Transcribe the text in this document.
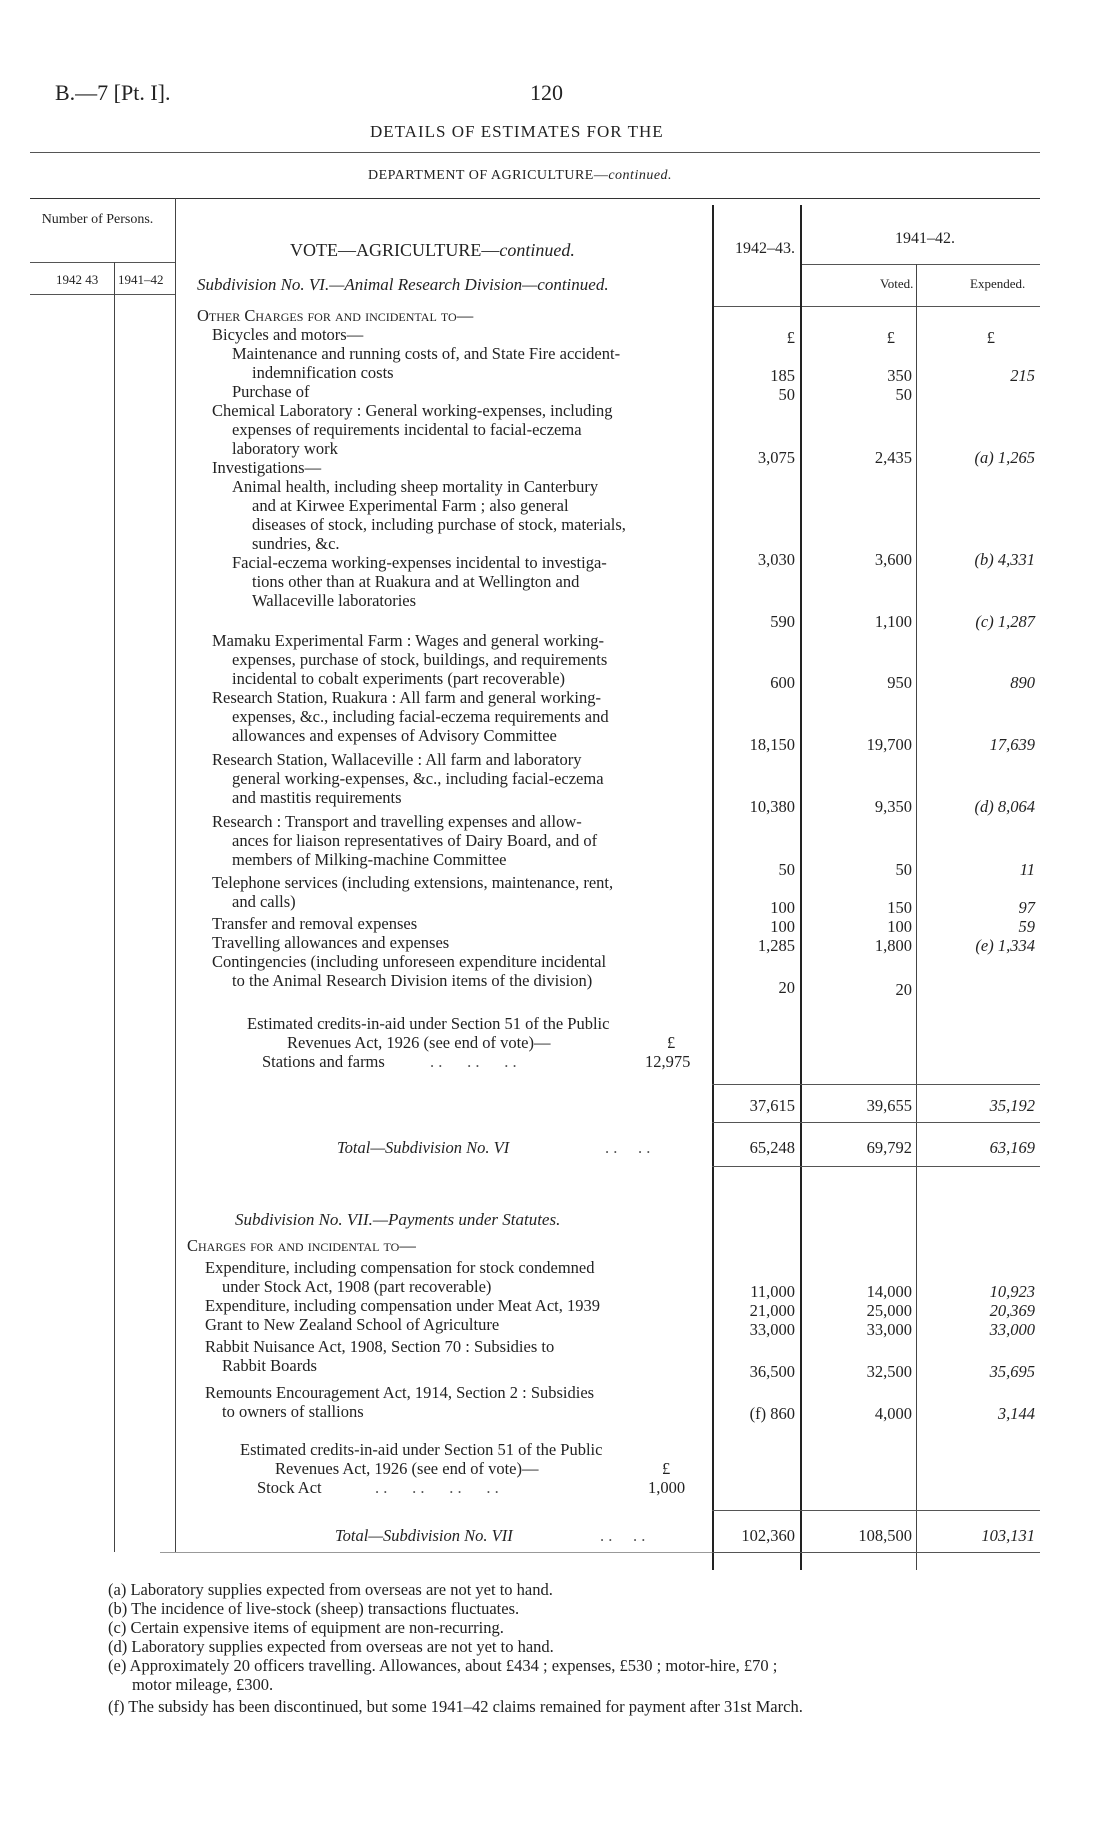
B.—7 [Pt. I].	120
DETAILS OF ESTIMATES FOR THE
DEPARTMENT OF AGRICULTURE—continued.
Number of Persons.
1942 43 1941–42
VOTE—AGRICULTURE—continued.	1942–43.
1941–42.
Voted.	Expended.
Subdivision No. VI.—Animal Research Division—continued.
Other Charges for and incidental to—
£	£	£
Bicycles and motors—
Maintenance and running costs of, and State Fire accident-
indemnification costs
Purchase of
185	350	215
50	50
Chemical Laboratory : General working-expenses, including
expenses of requirements incidental to facial-eczema
laboratory work	3,075	2,435	(a) 1,265
Investigations—
Animal health, including sheep mortality in Canterbury
and at Kirwee Experimental Farm ; also general
diseases of stock, including purchase of stock, materials,
sundries, &c.
3,030	3,600	(b) 4,331
Facial-eczema working-expenses incidental to investiga-
tions other than at Ruakura and at Wellington and
Wallaceville laboratories
590	1,100	(c) 1,287
Mamaku Experimental Farm : Wages and general working-
expenses, purchase of stock, buildings, and requirements
incidental to cobalt experiments (part recoverable)	600	950	890
Research Station, Ruakura : All farm and general working-
expenses, &c., including facial-eczema requirements and
allowances and expenses of Advisory Committee	18,150	19,700	17,639
Research Station, Wallaceville : All farm and laboratory
general working-expenses, &c., including facial-eczema
and mastitis requirements	10,380	9,350	(d) 8,064
Research : Transport and travelling expenses and allow-
ances for liaison representatives of Dairy Board, and of
members of Milking-machine Committee
50	50	11
Telephone services (including extensions, maintenance, rent,
and calls)	100	150	97
Transfer and removal expenses	100	100	59
Travelling allowances and expenses	1,285	1,800	(e) 1,334
Contingencies (including unforeseen expenditure incidental
to the Animal Research Division items of the division)	20	20
Estimated credits-in-aid under Section 51 of the Public
Revenues Act, 1926 (see end of vote)—	£
Stations and farms	. .      . .      . .	12,975
37,615	39,655	35,192
Total—Subdivision No. VI	. .     . .	65,248	69,792	63,169
Subdivision No. VII.—Payments under Statutes.
Charges for and incidental to—
Expenditure, including compensation for stock condemned
under Stock Act, 1908 (part recoverable)	11,000	14,000	10,923
Expenditure, including compensation under Meat Act, 1939	21,000	25,000	20,369
Grant to New Zealand School of Agriculture	33,000	33,000	33,000
Rabbit Nuisance Act, 1908, Section 70 : Subsidies to
Rabbit Boards	36,500	32,500	35,695
Remounts Encouragement Act, 1914, Section 2 : Subsidies
to owners of stallions	(f) 860	4,000	3,144
Estimated credits-in-aid under Section 51 of the Public
Revenues Act, 1926 (see end of vote)—	£
Stock Act	. .      . .      . .      . .	1,000
Total—Subdivision No. VII	. .     . .	102,360	108,500	103,131
(a) Laboratory supplies expected from overseas are not yet to hand.
(b) The incidence of live-stock (sheep) transactions fluctuates.
(c) Certain expensive items of equipment are non-recurring.
(d) Laboratory supplies expected from overseas are not yet to hand.
(e) Approximately 20 officers travelling. Allowances, about £434 ; expenses, £530 ; motor-hire, £70 ;
motor mileage, £300.
(f) The subsidy has been discontinued, but some 1941–42 claims remained for payment after 31st March.
